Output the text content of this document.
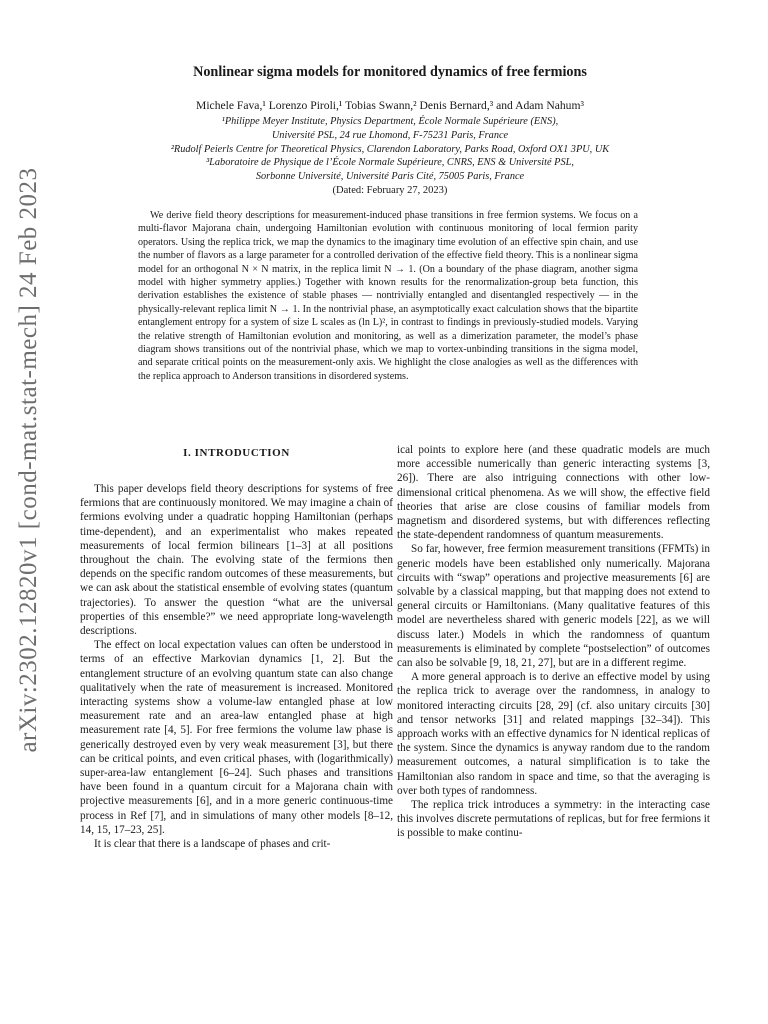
arXiv:2302.12820v1 [cond-mat.stat-mech] 24 Feb 2023
Nonlinear sigma models for monitored dynamics of free fermions
Michele Fava,¹ Lorenzo Piroli,¹ Tobias Swann,² Denis Bernard,³ and Adam Nahum³
¹Philippe Meyer Institute, Physics Department, École Normale Supérieure (ENS),
Université PSL, 24 rue Lhomond, F-75231 Paris, France
²Rudolf Peierls Centre for Theoretical Physics, Clarendon Laboratory, Parks Road, Oxford OX1 3PU, UK
³Laboratoire de Physique de l’École Normale Supérieure, CNRS, ENS & Université PSL,
Sorbonne Université, Université Paris Cité, 75005 Paris, France
(Dated: February 27, 2023)
We derive field theory descriptions for measurement-induced phase transitions in free fermion systems. We focus on a multi-flavor Majorana chain, undergoing Hamiltonian evolution with continuous monitoring of local fermion parity operators. Using the replica trick, we map the dynamics to the imaginary time evolution of an effective spin chain, and use the number of flavors as a large parameter for a controlled derivation of the effective field theory. This is a nonlinear sigma model for an orthogonal N × N matrix, in the replica limit N → 1. (On a boundary of the phase diagram, another sigma model with higher symmetry applies.) Together with known results for the renormalization-group beta function, this derivation establishes the existence of stable phases — nontrivially entangled and disentangled respectively — in the physically-relevant replica limit N → 1. In the nontrivial phase, an asymptotically exact calculation shows that the bipartite entanglement entropy for a system of size L scales as (ln L)², in contrast to findings in previously-studied models. Varying the relative strength of Hamiltonian evolution and monitoring, as well as a dimerization parameter, the model’s phase diagram shows transitions out of the nontrivial phase, which we map to vortex-unbinding transitions in the sigma model, and separate critical points on the measurement-only axis. We highlight the close analogies as well as the differences with the replica approach to Anderson transitions in disordered systems.
I. INTRODUCTION

This paper develops field theory descriptions for systems of free fermions that are continuously monitored. We may imagine a chain of fermions evolving under a quadratic hopping Hamiltonian (perhaps time-dependent), and an experimentalist who makes repeated measurements of local fermion bilinears [1–3] at all positions throughout the chain. The evolving state of the fermions then depends on the specific random outcomes of these measurements, but we can ask about the statistical ensemble of evolving states (quantum trajectories). To answer the question “what are the universal properties of this ensemble?” we need appropriate long-wavelength descriptions.

The effect on local expectation values can often be understood in terms of an effective Markovian dynamics [1, 2]. But the entanglement structure of an evolving quantum state can also change qualitatively when the rate of measurement is increased. Monitored interacting systems show a volume-law entangled phase at low measurement rate and an area-law entangled phase at high measurement rate [4, 5]. For free fermions the volume law phase is generically destroyed even by very weak measurement [3], but there can be critical points, and even critical phases, with (logarithmically) super-area-law entanglement [6–24]. Such phases and transitions have been found in a quantum circuit for a Majorana chain with projective measurements [6], and in a more generic continuous-time process in Ref [7], and in simulations of many other models [8–12, 14, 15, 17–23, 25].

It is clear that there is a landscape of phases and crit-

ical points to explore here (and these quadratic models are much more accessible numerically than generic interacting systems [3, 26]). There are also intriguing connections with other low-dimensional critical phenomena. As we will show, the effective field theories that arise are close cousins of familiar models from magnetism and disordered systems, but with differences reflecting the state-dependent randomness of quantum measurements.

So far, however, free fermion measurement transitions (FFMTs) in generic models have been established only numerically. Majorana circuits with “swap” operations and projective measurements [6] are solvable by a classical mapping, but that mapping does not extend to general circuits or Hamiltonians. (Many qualitative features of this model are nevertheless shared with generic models [22], as we will discuss later.) Models in which the randomness of quantum measurements is eliminated by complete “postselection” of outcomes can also be solvable [9, 18, 21, 27], but are in a different regime.

A more general approach is to derive an effective model by using the replica trick to average over the randomness, in analogy to monitored interacting circuits [28, 29] (cf. also unitary circuits [30] and tensor networks [31] and related mappings [32–34]). This approach works with an effective dynamics for N identical replicas of the system. Since the dynamics is anyway random due to the random measurement outcomes, a natural simplification is to take the Hamiltonian also random in space and time, so that the averaging is over both types of randomness.

The replica trick introduces a symmetry: in the interacting case this involves discrete permutations of replicas, but for free fermions it is possible to make continu-
